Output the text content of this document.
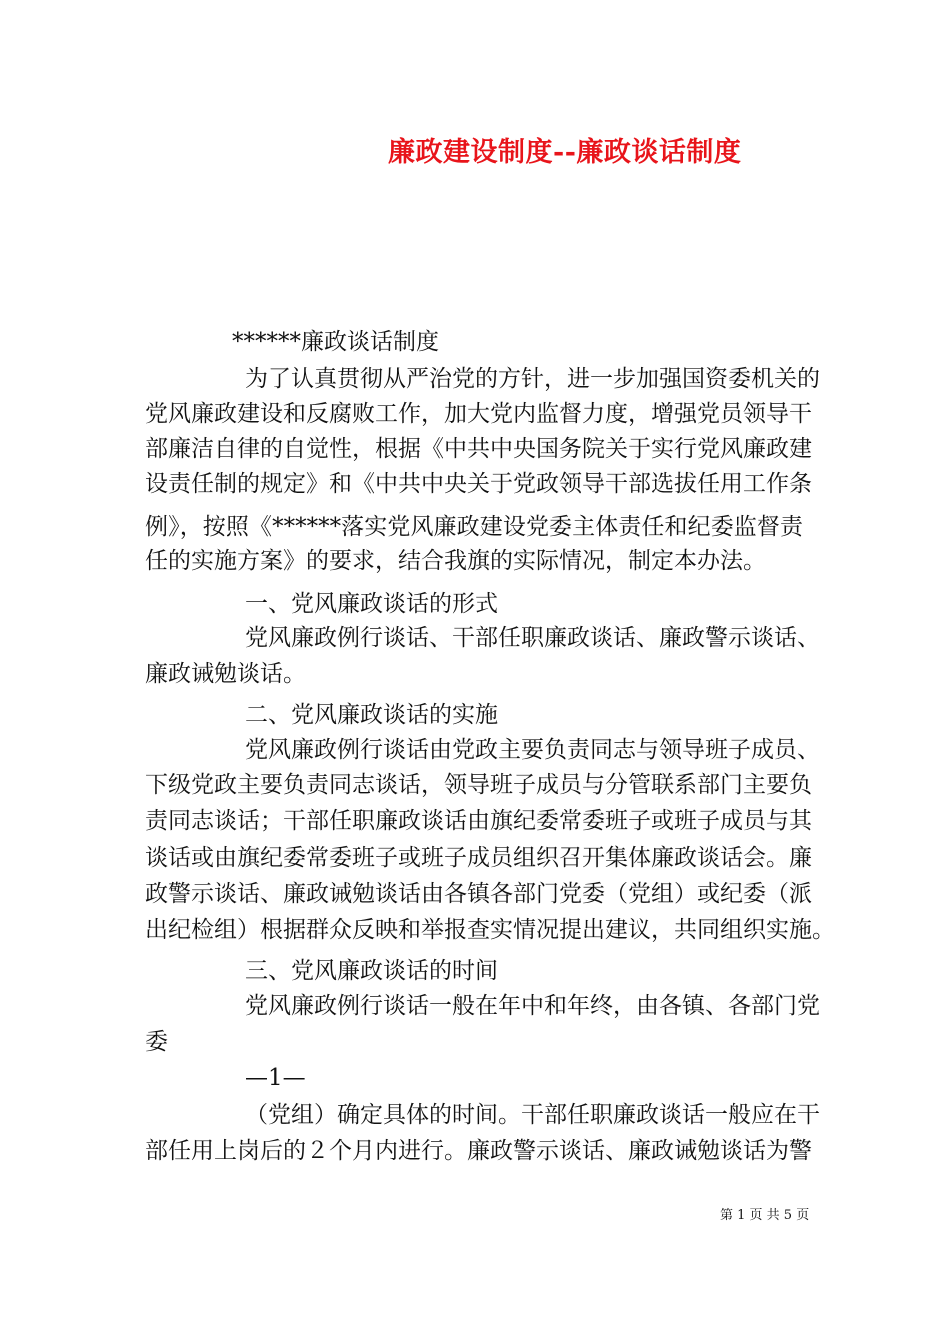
廉政建设制度--廉政谈话制度
******廉政谈话制度
为了认真贯彻从严治党的方针，进一步加强国资委机关的
党风廉政建设和反腐败工作，加大党内监督力度，增强党员领导干
部廉洁自律的自觉性，根据《中共中央国务院关于实行党风廉政建
设责任制的规定》和《中共中央关于党政领导干部选拔任用工作条
例》，按照《******落实党风廉政建设党委主体责任和纪委监督责
任的实施方案》的要求，结合我旗的实际情况，制定本办法。
一、党风廉政谈话的形式
党风廉政例行谈话、干部任职廉政谈话、廉政警示谈话、
廉政诫勉谈话。
二、党风廉政谈话的实施
党风廉政例行谈话由党政主要负责同志与领导班子成员、
下级党政主要负责同志谈话，领导班子成员与分管联系部门主要负
责同志谈话；干部任职廉政谈话由旗纪委常委班子或班子成员与其
谈话或由旗纪委常委班子或班子成员组织召开集体廉政谈话会。廉
政警示谈话、廉政诫勉谈话由各镇各部门党委（党组）或纪委（派
出纪检组）根据群众反映和举报查实情况提出建议，共同组织实施。
三、党风廉政谈话的时间
党风廉政例行谈话一般在年中和年终，由各镇、各部门党
委
—1—
（党组）确定具体的时间。干部任职廉政谈话一般应在干
部任用上岗后的２个月内进行。廉政警示谈话、廉政诫勉谈话为警
第 1 页 共 5 页
